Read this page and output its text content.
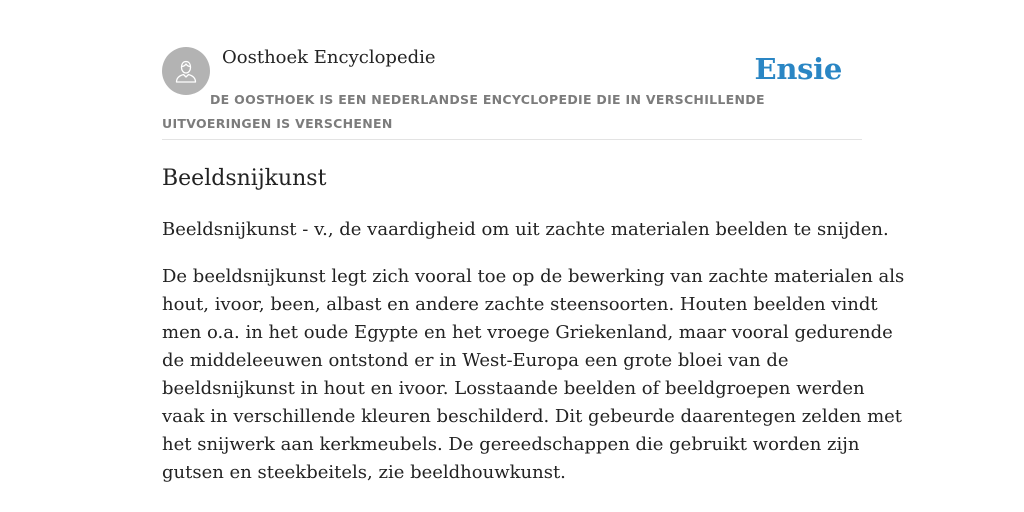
Oosthoek Encyclopedie	Ensie
DE OOSTHOEK IS EEN NEDERLANDSE ENCYCLOPEDIE DIE IN VERSCHILLENDE UITVOERINGEN IS VERSCHENEN
Beeldsnijkunst

Beeldsnijkunst - v., de vaardigheid om uit zachte materialen beelden te snijden.

De beeldsnijkunst legt zich vooral toe op de bewerking van zachte materialen als
hout, ivoor, been, albast en andere zachte steensoorten. Houten beelden vindt
men o.a. in het oude Egypte en het vroege Griekenland, maar vooral gedurende
de middeleeuwen ontstond er in West-Europa een grote bloei van de
beeldsnijkunst in hout en ivoor. Losstaande beelden of beeldgroepen werden
vaak in verschillende kleuren beschilderd. Dit gebeurde daarentegen zelden met
het snijwerk aan kerkmeubels. De gereedschappen die gebruikt worden zijn
gutsen en steekbeitels, zie beeldhouwkunst.
